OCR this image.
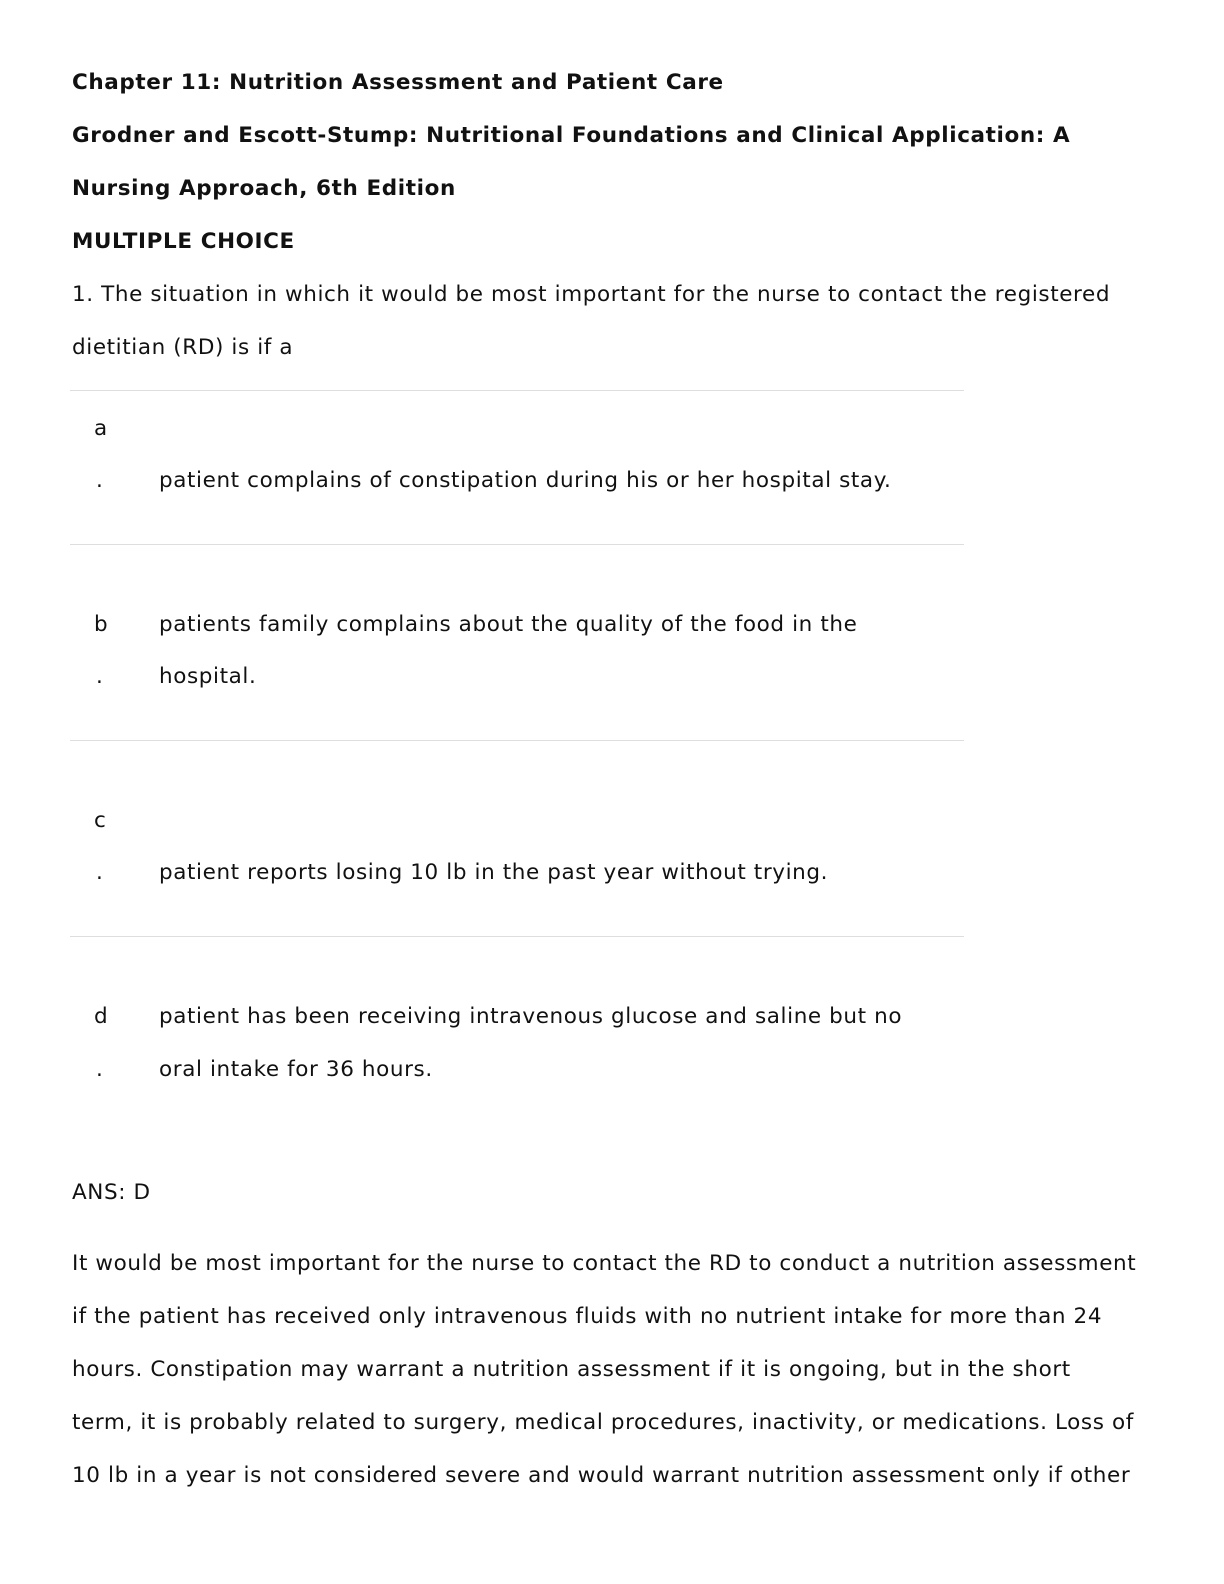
Chapter 11: Nutrition Assessment and Patient Care
Grodner and Escott-Stump: Nutritional Foundations and Clinical Application: A
Nursing Approach, 6th Edition
MULTIPLE CHOICE
1. The situation in which it would be most important for the nurse to contact the registered
dietitian (RD) is if a
a
.	patient complains of constipation during his or her hospital stay.
b patients family complains about the quality of the food in the
.	hospital.
c
.	patient reports losing 10 lb in the past year without trying.
d patient has been receiving intravenous glucose and saline but no
.	oral intake for 36 hours.
ANS: D
It would be most important for the nurse to contact the RD to conduct a nutrition assessment
if the patient has received only intravenous fluids with no nutrient intake for more than 24
hours. Constipation may warrant a nutrition assessment if it is ongoing, but in the short
term, it is probably related to surgery, medical procedures, inactivity, or medications. Loss of
10 lb in a year is not considered severe and would warrant nutrition assessment only if other
